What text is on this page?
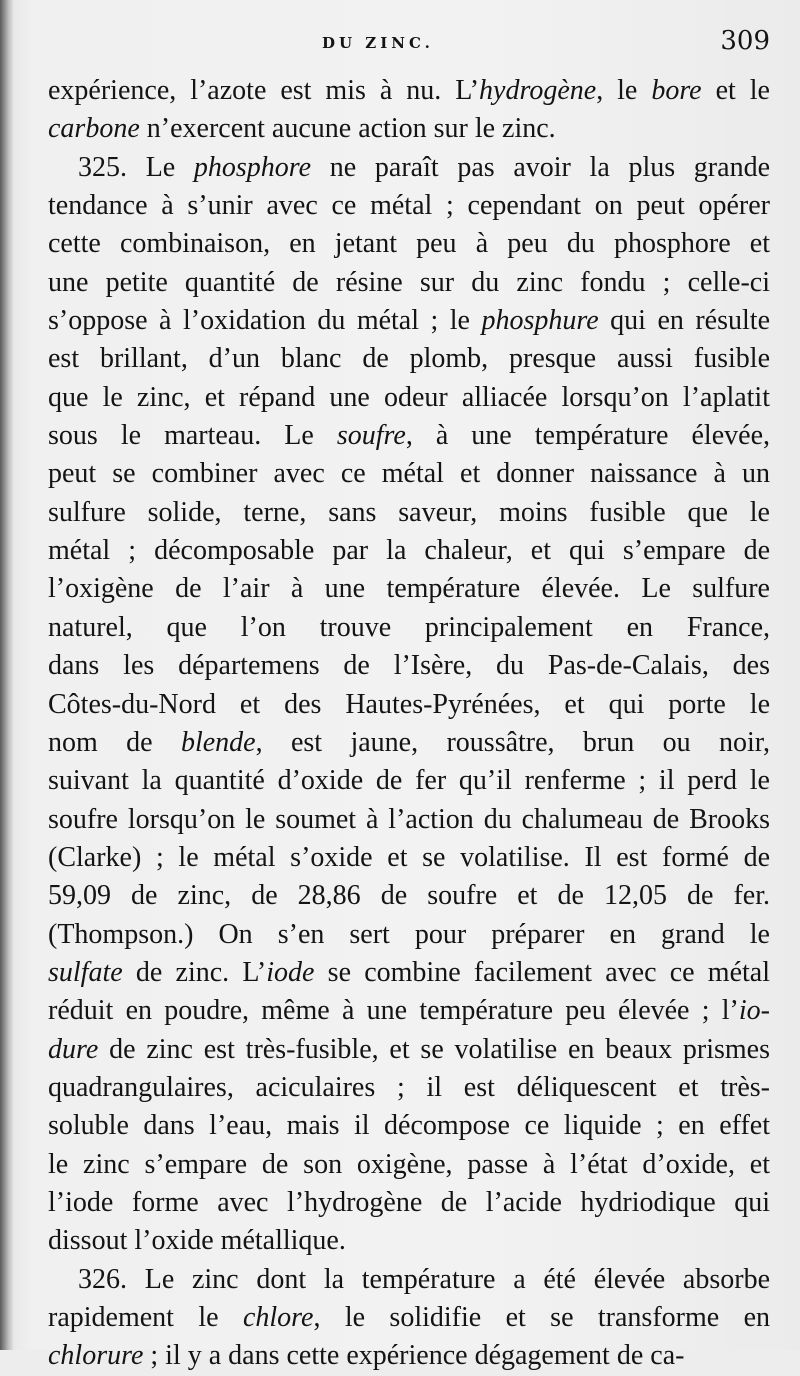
DU ZINC.	309
expérience, l’azote est mis à nu. L’hydrogène, le bore et le
carbone n’exercent aucune action sur le zinc.
325. Le phosphore ne paraît pas avoir la plus grande
tendance à s’unir avec ce métal ; cependant on peut opérer
cette combinaison, en jetant peu à peu du phosphore et
une petite quantité de résine sur du zinc fondu ; celle-ci
s’oppose à l’oxidation du métal ; le phosphure qui en résulte
est brillant, d’un blanc de plomb, presque aussi fusible
que le zinc, et répand une odeur alliacée lorsqu’on l’aplatit
sous le marteau. Le soufre, à une température élevée,
peut se combiner avec ce métal et donner naissance à un
sulfure solide, terne, sans saveur, moins fusible que le
métal ; décomposable par la chaleur, et qui s’empare de
l’oxigène de l’air à une température élevée. Le sulfure
naturel, que l’on trouve principalement en France,
dans les départemens de l’Isère, du Pas-de-Calais, des
Côtes-du-Nord et des Hautes-Pyrénées, et qui porte le
nom de blende, est jaune, roussâtre, brun ou noir,
suivant la quantité d’oxide de fer qu’il renferme ; il perd le
soufre lorsqu’on le soumet à l’action du chalumeau de Brooks
(Clarke) ; le métal s’oxide et se volatilise. Il est formé de
59,09 de zinc, de 28,86 de soufre et de 12,05 de fer.
(Thompson.) On s’en sert pour préparer en grand le
sulfate de zinc. L’iode se combine facilement avec ce métal
réduit en poudre, même à une température peu élevée ; l’io-
dure de zinc est très-fusible, et se volatilise en beaux prismes
quadrangulaires, aciculaires ; il est déliquescent et très-
soluble dans l’eau, mais il décompose ce liquide ; en effet
le zinc s’empare de son oxigène, passe à l’état d’oxide, et
l’iode forme avec l’hydrogène de l’acide hydriodique qui
dissout l’oxide métallique.
326. Le zinc dont la température a été élevée absorbe
rapidement le chlore, le solidifie et se transforme en
chlorure ; il y a dans cette expérience dégagement de ca-
